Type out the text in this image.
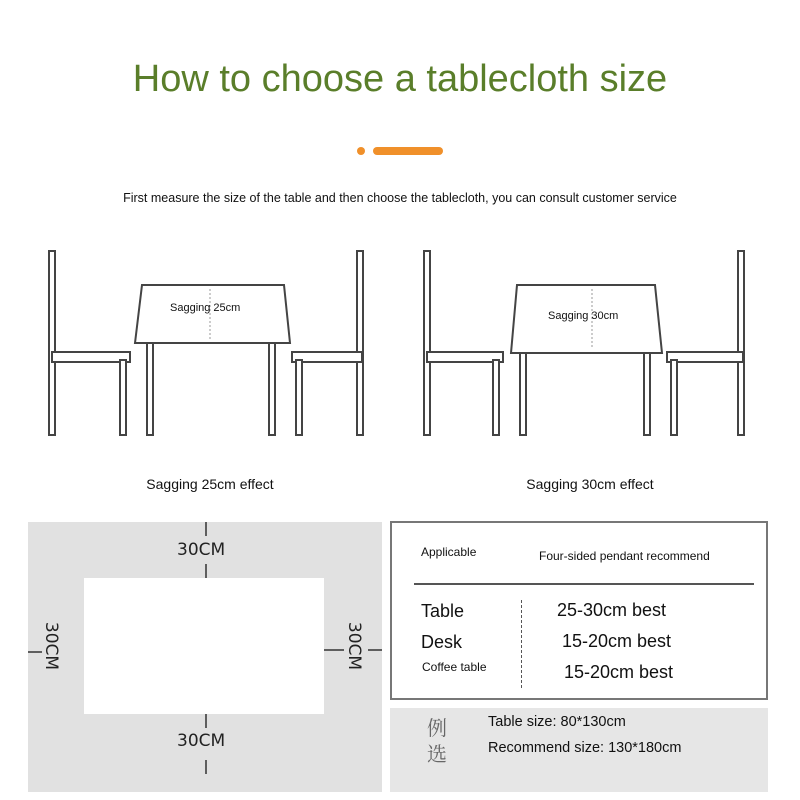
How to choose a tablecloth size
First measure the size of the table and then choose the tablecloth, you can consult customer service
Sagging 25cm
Sagging 25cm effect
Sagging 30cm
Sagging 30cm effect
30CM
30CM
30CM	30CM
Applicable	Four-sided pendant recommend
Table	25-30cm best
Desk	15-20cm best
Coffee table	15-20cm best
例
选
Table size: 80*130cm
Recommend size: 130*180cm
